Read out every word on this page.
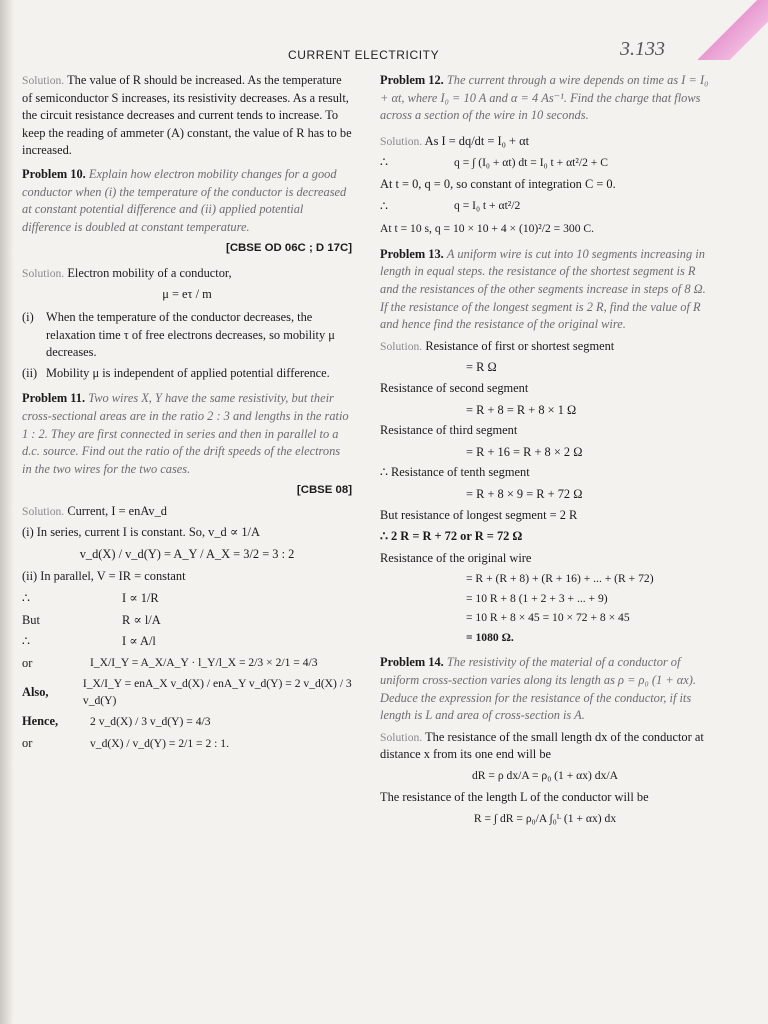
CURRENT ELECTRICITY	3.133

Solution. The value of R should be increased. As the temperature of semiconductor S increases, its resistivity decreases. As a result, the circuit resistance decreases and current tends to increase. To keep the reading of ammeter (A) constant, the value of R has to be increased.

Problem 10. Explain how electron mobility changes for a good conductor when (i) the temperature of the conductor is decreased at constant potential difference and (ii) applied potential difference is doubled at constant temperature.

[CBSE OD 06C ; D 17C]

Solution. Electron mobility of a conductor,

μ = eτ / m
(i) When the temperature of the conductor decreases, the relaxation time τ of free electrons decreases, so mobility μ decreases.
(ii) Mobility μ is independent of applied potential difference.

Problem 11. Two wires X, Y have the same resistivity, but their cross-sectional areas are in the ratio 2 : 3 and lengths in the ratio 1 : 2. They are first connected in series and then in parallel to a d.c. source. Find out the ratio of the drift speeds of the electrons in the two wires for the two cases.

[CBSE 08]

Solution. Current, I = enAv_d

(i) In series, current I is constant. So, v_d ∝ 1/A

v_d(X) / v_d(Y) = A_Y / A_X = 3/2 = 3 : 2

(ii) In parallel, V = IR = constant

∴	I ∝ 1/R
But	R ∝ l/A
∴	I ∝ A/l
or	I_X/I_Y = A_X/A_Y · l_Y/l_X = 2/3 × 2/1 = 4/3
Also,
I_X/I_Y = enA_X v_d(X) / enA_Y v_d(Y) = 2 v_d(X) / 3 v_d(Y)
Hence,	2 v_d(X) / 3 v_d(Y) = 4/3
or	v_d(X) / v_d(Y) = 2/1 = 2 : 1.

Problem 12. The current through a wire depends on time as I = I₀ + αt, where I₀ = 10 A and α = 4 As⁻¹. Find the charge that flows across a section of the wire in 10 seconds.

Solution. As I = dq/dt = I₀ + αt

∴	q = ∫ (I₀ + αt) dt = I₀ t + αt²/2 + C

At t = 0, q = 0, so constant of integration C = 0.

∴	q = I₀ t + αt²/2

At t = 10 s, q = 10 × 10 + 4 × (10)²/2 = 300 C.

Problem 13. A uniform wire is cut into 10 segments increasing in length in equal steps. the resistance of the shortest segment is R and the resistances of the other segments increase in steps of 8 Ω. If the resistance of the longest segment is 2 R, find the value of R and hence find the resistance of the original wire.

Solution. Resistance of first or shortest segment

= R Ω

Resistance of second segment

= R + 8 = R + 8 × 1 Ω

Resistance of third segment

= R + 16 = R + 8 × 2 Ω

∴ Resistance of tenth segment

= R + 8 × 9 = R + 72 Ω

But resistance of longest segment = 2 R

∴ 2 R = R + 72 or R = 72 Ω

Resistance of the original wire

= R + (R + 8) + (R + 16) + ... + (R + 72)
= 10 R + 8 (1 + 2 + 3 + ... + 9)
= 10 R + 8 × 45 = 10 × 72 + 8 × 45
= 1080 Ω.

Problem 14. The resistivity of the material of a conductor of uniform cross-section varies along its length as ρ = ρ₀ (1 + αx). Deduce the expression for the resistance of the conductor, if its length is L and area of cross-section is A.

Solution. The resistance of the small length dx of the conductor at distance x from its one end will be

dR = ρ dx/A = ρ₀ (1 + αx) dx/A

The resistance of the length L of the conductor will be

R = ∫ dR = ρ₀/A ∫₀ᴸ (1 + αx) dx
